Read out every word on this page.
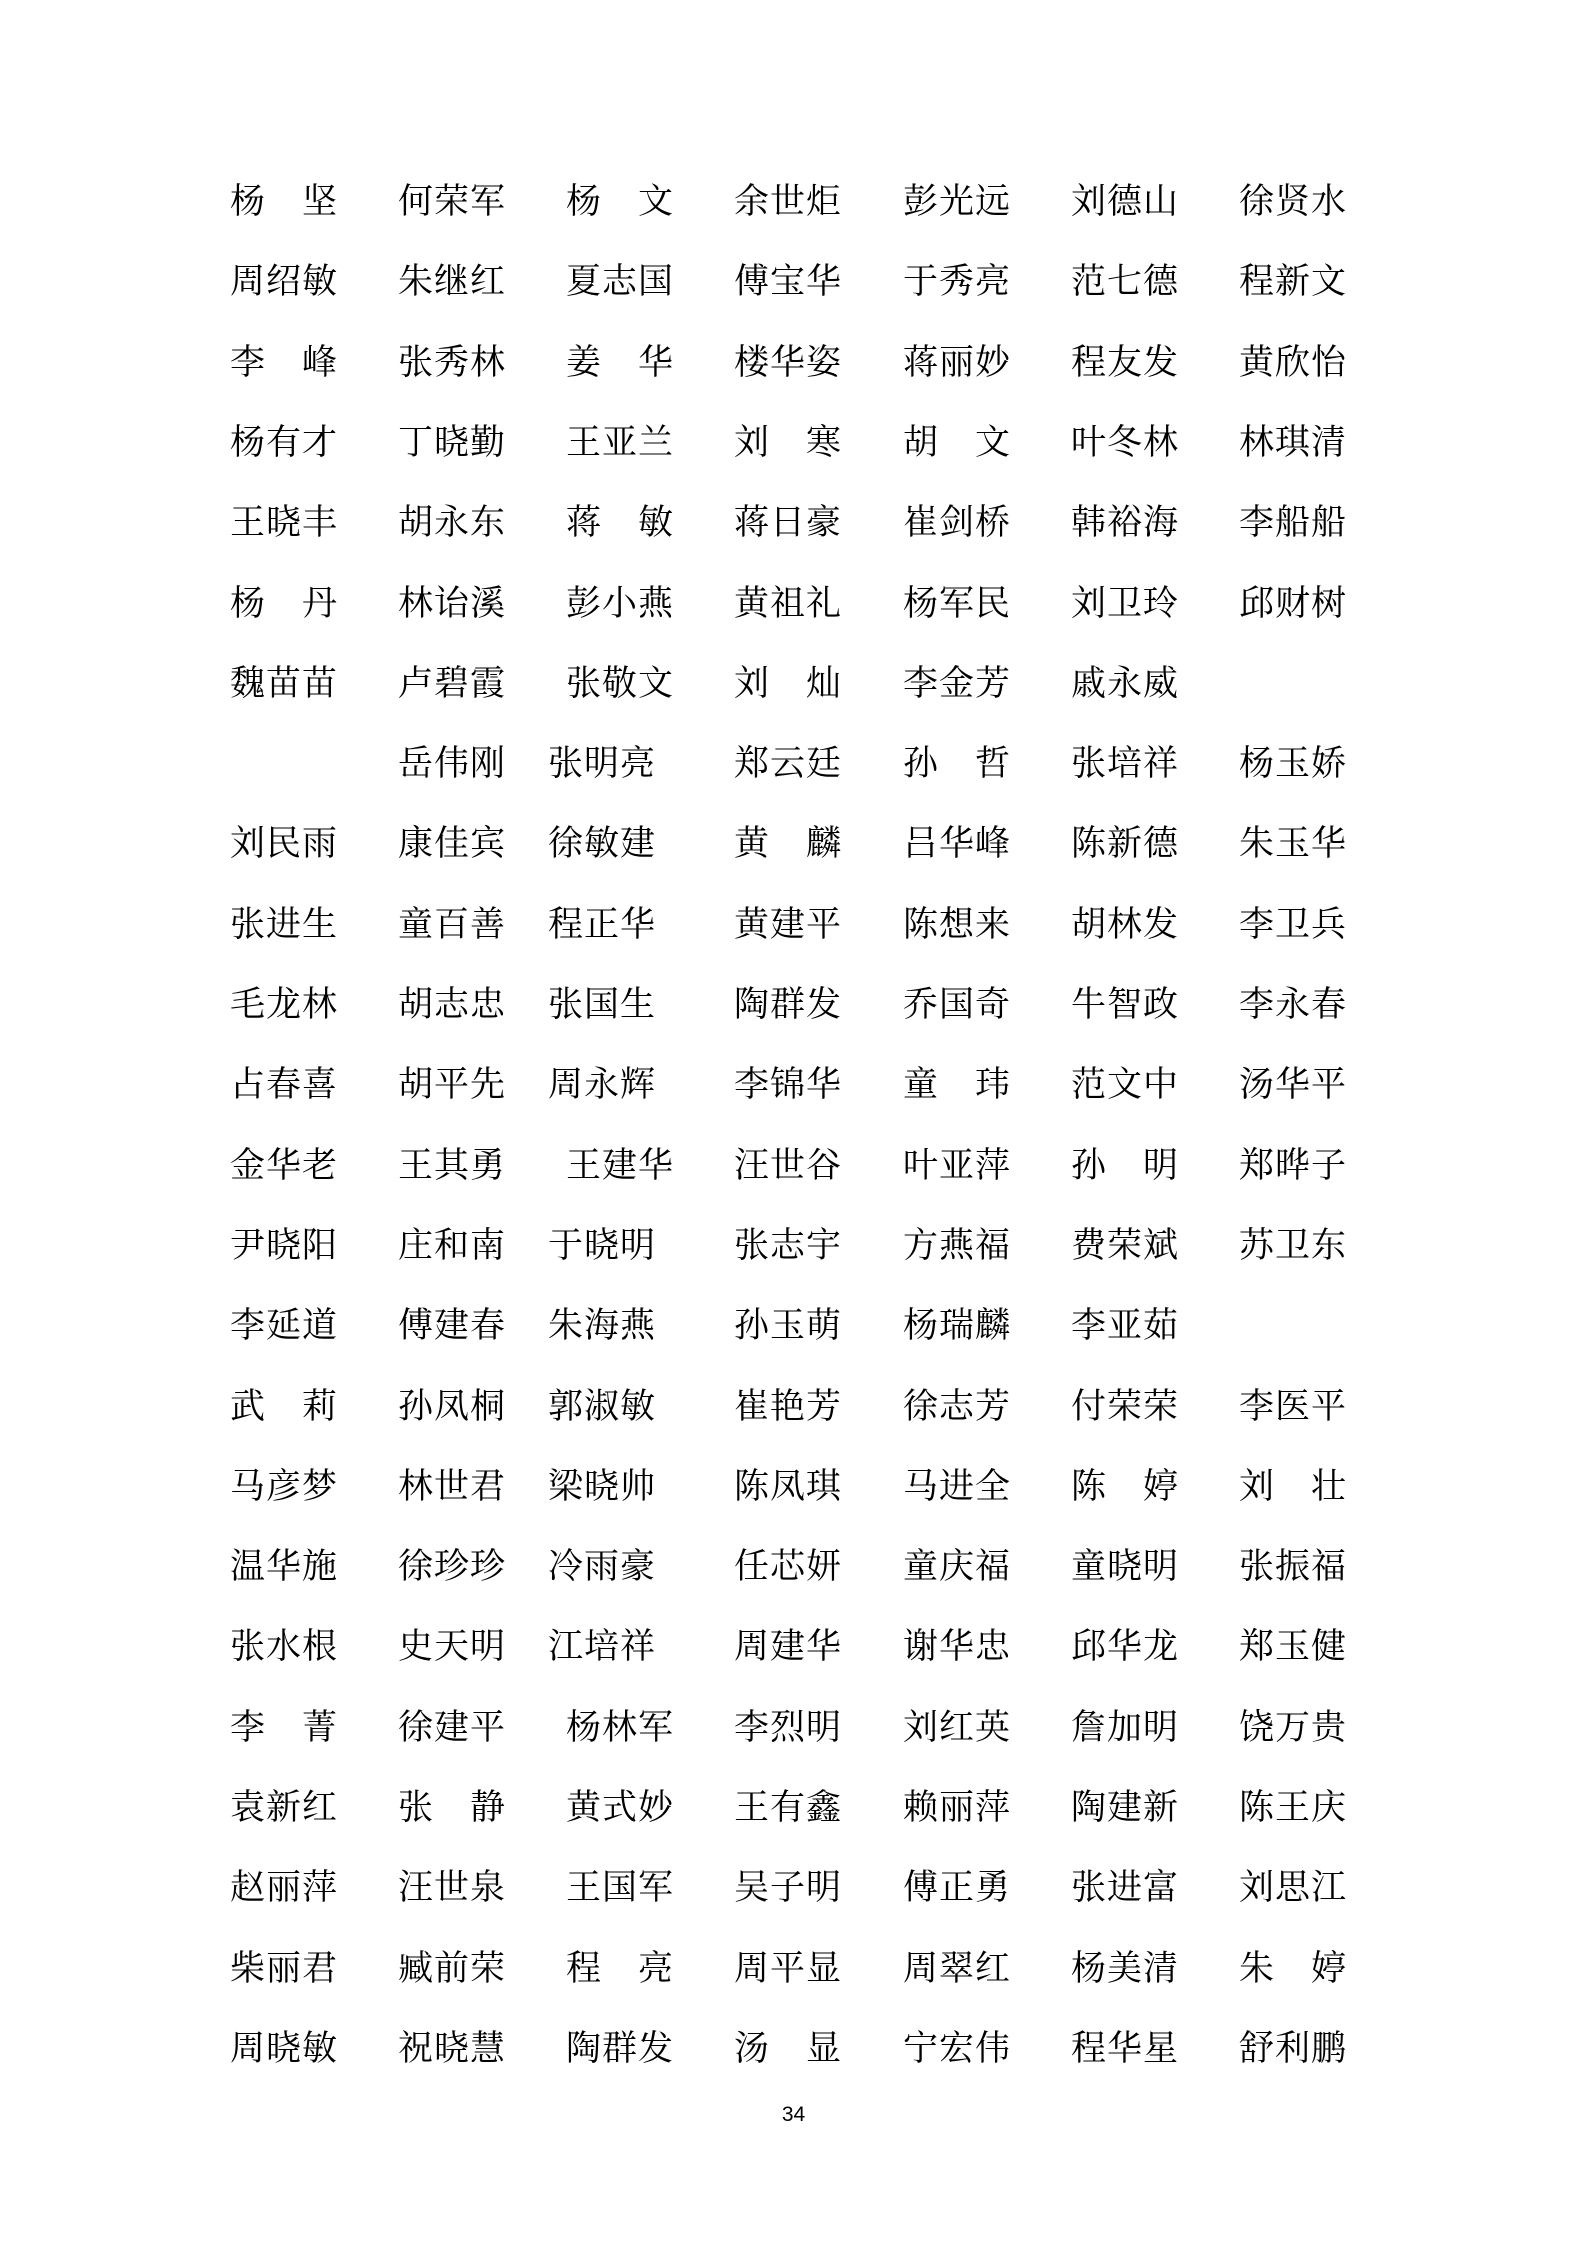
杨　坚 何荣军 杨　文 余世炬 彭光远 刘德山 徐贤水
周绍敏 朱继红 夏志国 傅宝华 于秀亮 范七德 程新文
李　峰 张秀林 姜　华 楼华姿 蒋丽妙 程友发 黄欣怡
杨有才 丁晓勤 王亚兰 刘　寒 胡　文 叶冬林 林琪清
王晓丰 胡永东 蒋　敏 蒋日豪 崔剑桥 韩裕海 李船船
杨　丹 林诒溪 彭小燕 黄祖礼 杨军民 刘卫玲 邱财树
魏苗苗 卢碧霞 张敬文 刘　灿 李金芳 戚永威
岳伟刚 张明亮 郑云廷 孙　哲 张培祥 杨玉娇
刘民雨 康佳宾 徐敏建 黄　麟 吕华峰 陈新德 朱玉华
张进生 童百善 程正华 黄建平 陈想来 胡林发 李卫兵
毛龙林 胡志忠 张国生 陶群发 乔国奇 牛智政 李永春
占春喜 胡平先 周永辉 李锦华 童　玮 范文中 汤华平
金华老 王其勇 王建华 汪世谷 叶亚萍 孙　明 郑晔子
尹晓阳 庄和南 于晓明 张志宇 方燕福 费荣斌 苏卫东
李延道 傅建春 朱海燕 孙玉萌 杨瑞麟 李亚茹
武　莉 孙凤桐 郭淑敏 崔艳芳 徐志芳 付荣荣 李医平
马彦梦 林世君 梁晓帅 陈凤琪 马进全 陈　婷 刘　壮
温华施 徐珍珍 冷雨豪 任芯妍 童庆福 童晓明 张振福
张水根 史天明 江培祥 周建华 谢华忠 邱华龙 郑玉健
李　菁 徐建平 杨林军 李烈明 刘红英 詹加明 饶万贵
袁新红 张　静 黄式妙 王有鑫 赖丽萍 陶建新 陈王庆
赵丽萍 汪世泉 王国军 吴子明 傅正勇 张进富 刘思江
柴丽君 臧前荣 程　亮 周平显 周翠红 杨美清 朱　婷
周晓敏 祝晓慧 陶群发 汤　显 宁宏伟 程华星 舒利鹏
34
